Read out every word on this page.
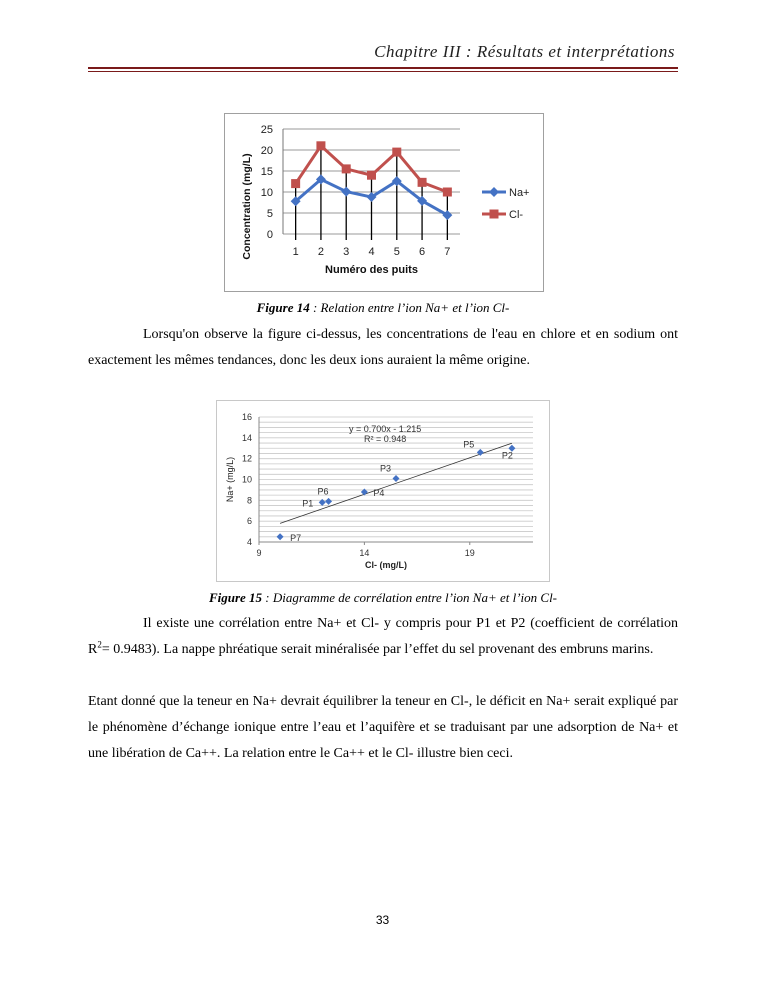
Chapitre III : Résultats et interprétations
0
5
10
15
20
25
1 2 3 4 5 6 7
Numéro des puits
Concentration (mg/L)	Na+
Cl-
Figure 14 : Relation entre l’ion Na+ et l’ion Cl-
Lorsqu'on observe la figure ci-dessus, les concentrations de l'eau en chlore et en sodium ont exactement les mêmes tendances, donc les deux ions auraient la même origine.
4
6
8
10
12
14
16
9	14	19
P1
P2
P3
P4
P5
P6
P7
y = 0.700x - 1.215
R² = 0.948
Cl- (mg/L)
Na+ (mg/L)
Figure 15 : Diagramme de corrélation entre l’ion Na+ et l’ion Cl-
Il existe une corrélation entre Na+ et Cl- y compris pour P1 et P2 (coefficient de corrélation $R^2= 0.9483$). La nappe phréatique serait minéralisée par l’effet du sel provenant des embruns marins.
Etant donné que la teneur en Na+ devrait équilibrer la teneur en Cl-, le déficit en Na+ serait expliqué par le phénomène d’échange ionique entre l’eau et l’aquifère et se traduisant par une adsorption de Na+ et une libération de Ca++. La relation entre le Ca++ et le Cl- illustre bien ceci.
33
